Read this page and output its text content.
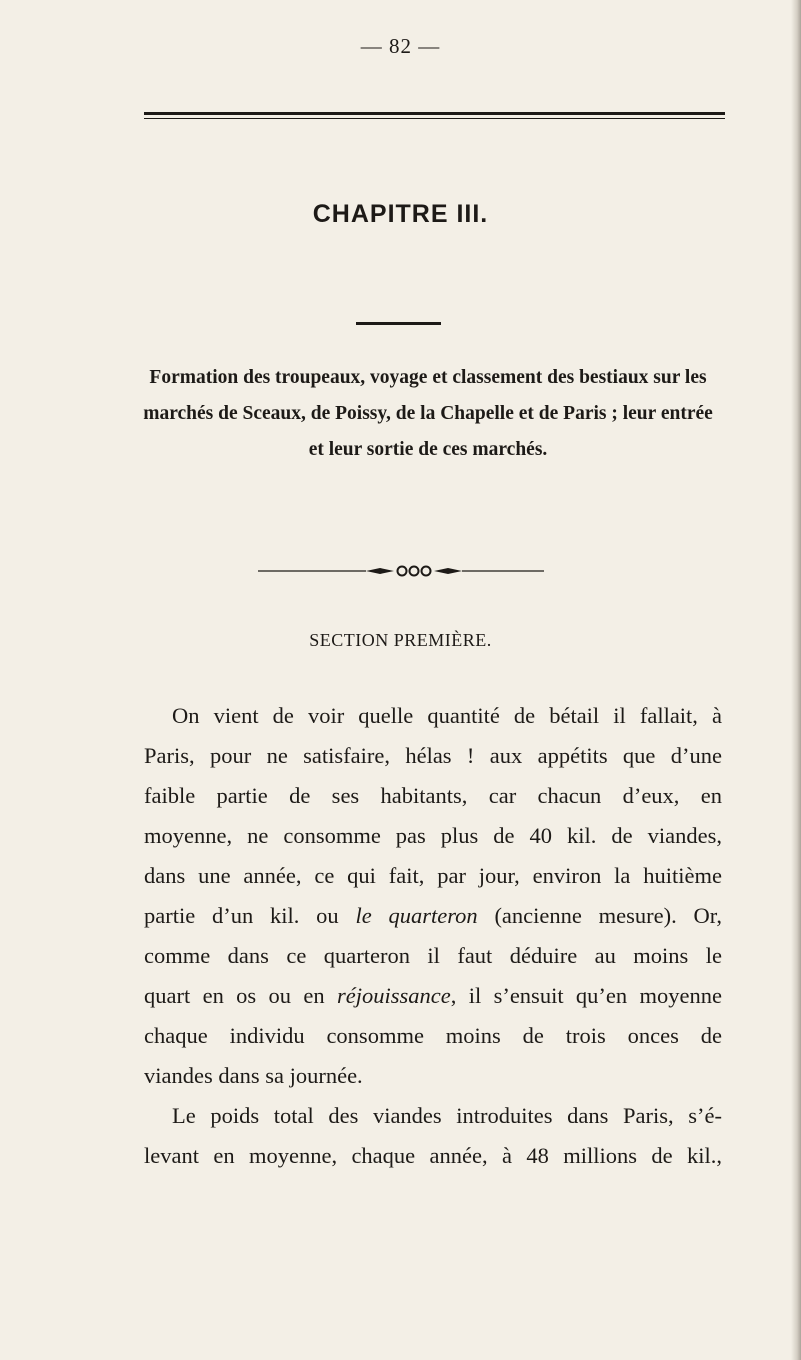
— 82 —
CHAPITRE III.
Formation des troupeaux, voyage et classement des bestiaux sur les marchés de Sceaux, de Poissy, de la Chapelle et de Paris ; leur entrée et leur sortie de ces marchés.
SECTION PREMIÈRE.

On vient de voir quelle quantité de bétail il fallait, à
Paris, pour ne satisfaire, hélas ! aux appétits que d’une
faible partie de ses habitants, car chacun d’eux, en
moyenne, ne consomme pas plus de 40 kil. de viandes,
dans une année, ce qui fait, par jour, environ la huitième
partie d’un kil. ou le quarteron (ancienne mesure). Or,
comme dans ce quarteron il faut déduire au moins le
quart en os ou en réjouissance, il s’ensuit qu’en moyenne
chaque individu consomme moins de trois onces de
viandes dans sa journée.

Le poids total des viandes introduites dans Paris, s’é-
levant en moyenne, chaque année, à 48 millions de kil.,
